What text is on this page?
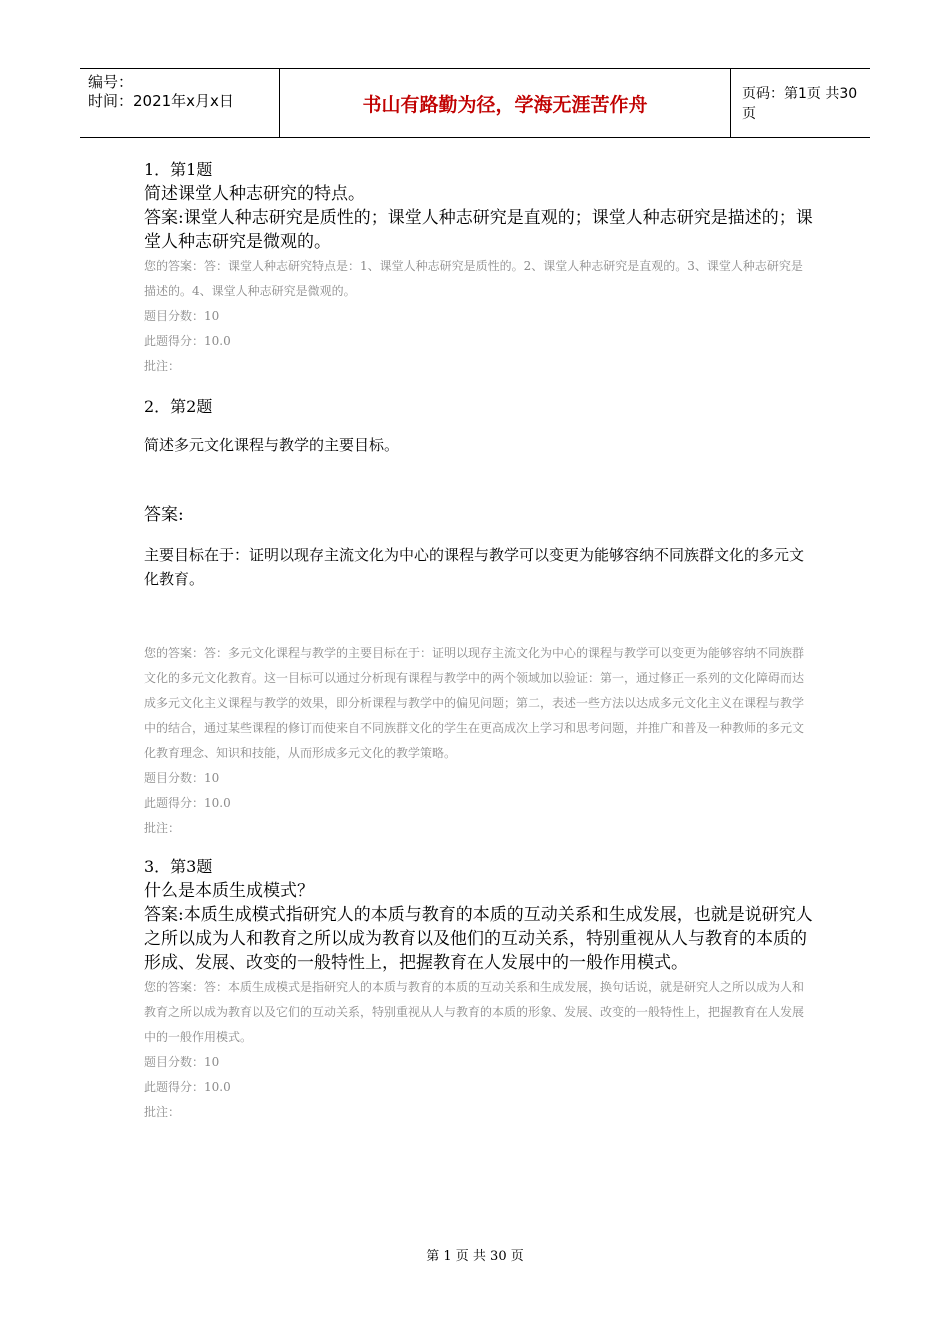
编号：
时间：2021年x月x日	书山有路勤为径，学海无涯苦作舟	页码：第1页 共30页
1．第1题
简述课堂人种志研究的特点。
答案:课堂人种志研究是质性的；课堂人种志研究是直观的；课堂人种志研究是描述的；课堂人种志研究是微观的。
您的答案：答：课堂人种志研究特点是：1、课堂人种志研究是质性的。2、课堂人种志研究是直观的。3、课堂人种志研究是描述的。4、课堂人种志研究是微观的。
题目分数：10
此题得分：10.0
批注：
2．第2题
简述多元文化课程与教学的主要目标。
答案:
主要目标在于：证明以现存主流文化为中心的课程与教学可以变更为能够容纳不同族群文化的多元文化教育。
您的答案：答：多元文化课程与教学的主要目标在于：证明以现存主流文化为中心的课程与教学可以变更为能够容纳不同族群文化的多元文化教育。这一目标可以通过分析现有课程与教学中的两个领域加以验证：第一，通过修正一系列的文化障碍而达成多元文化主义课程与教学的效果，即分析课程与教学中的偏见问题；第二，表述一些方法以达成多元文化主义在课程与教学中的结合，通过某些课程的修订而使来自不同族群文化的学生在更高成次上学习和思考问题，并推广和普及一种教师的多元文化教育理念、知识和技能，从而形成多元文化的教学策略。
题目分数：10
此题得分：10.0
批注：
3．第3题
什么是本质生成模式？
答案:本质生成模式指研究人的本质与教育的本质的互动关系和生成发展，也就是说研究人之所以成为人和教育之所以成为教育以及他们的互动关系，特别重视从人与教育的本质的形成、发展、改变的一般特性上，把握教育在人发展中的一般作用模式。
您的答案：答：本质生成模式是指研究人的本质与教育的本质的互动关系和生成发展，换句话说，就是研究人之所以成为人和教育之所以成为教育以及它们的互动关系，特别重视从人与教育的本质的形象、发展、改变的一般特性上，把握教育在人发展中的一般作用模式。
题目分数：10
此题得分：10.0
批注：
第 1 页 共 30 页
